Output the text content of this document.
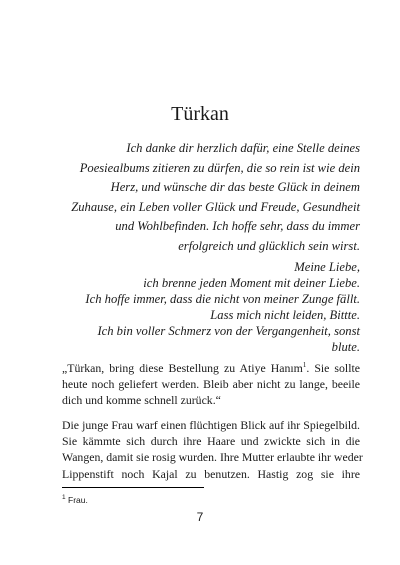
Türkan
Ich danke dir herzlich dafür, eine Stelle deines
Poesiealbums zitieren zu dürfen, die so rein ist wie dein
Herz, und wünsche dir das beste Glück in deinem
Zuhause, ein Leben voller Glück und Freude, Gesundheit
und Wohlbefinden. Ich hoffe sehr, dass du immer
erfolgreich und glücklich sein wirst.
Meine Liebe,
ich brenne jeden Moment mit deiner Liebe.
Ich hoffe immer, dass die nicht von meiner Zunge fällt.
Lass mich nicht leiden, Bittte.
Ich bin voller Schmerz von der Vergangenheit, sonst
blute.
„Türkan, bring diese Bestellung zu Atiye Hanım$^1$. Sie sollte
heute noch geliefert werden. Bleib aber nicht zu lange, beeile
dich und komme schnell zurück.“
Die junge Frau warf einen flüchtigen Blick auf ihr Spiegelbild.
Sie kämmte sich durch ihre Haare und zwickte sich in die
Wangen, damit sie rosig wurden. Ihre Mutter erlaubte ihr weder
Lippenstift noch Kajal zu benutzen. Hastig zog sie ihre
$^1$ Frau.
7
